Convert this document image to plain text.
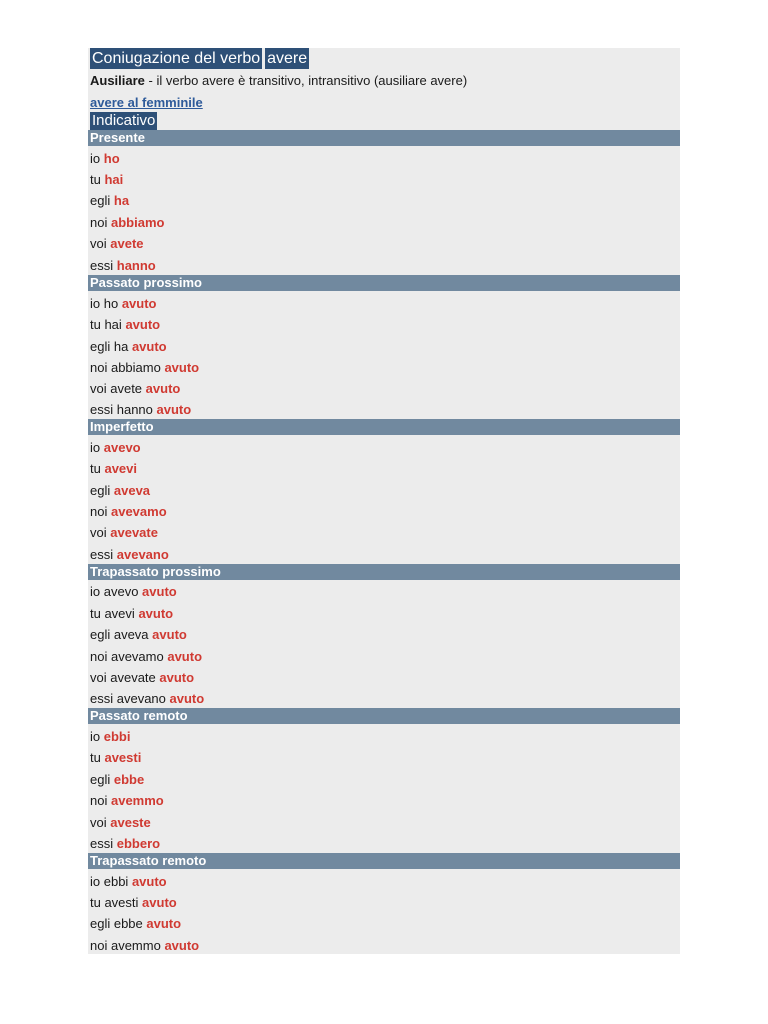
Coniugazione del verbo avere
Ausiliare - il verbo avere è transitivo, intransitivo (ausiliare avere)
avere al femminile
Indicativo
Presente
io ho
tu hai
egli ha
noi abbiamo
voi avete
essi hanno
Passato prossimo
io ho avuto
tu hai avuto
egli ha avuto
noi abbiamo avuto
voi avete avuto
essi hanno avuto
Imperfetto
io avevo
tu avevi
egli aveva
noi avevamo
voi avevate
essi avevano
Trapassato prossimo
io avevo avuto
tu avevi avuto
egli aveva avuto
noi avevamo avuto
voi avevate avuto
essi avevano avuto
Passato remoto
io ebbi
tu avesti
egli ebbe
noi avemmo
voi aveste
essi ebbero
Trapassato remoto
io ebbi avuto
tu avesti avuto
egli ebbe avuto
noi avemmo avuto
